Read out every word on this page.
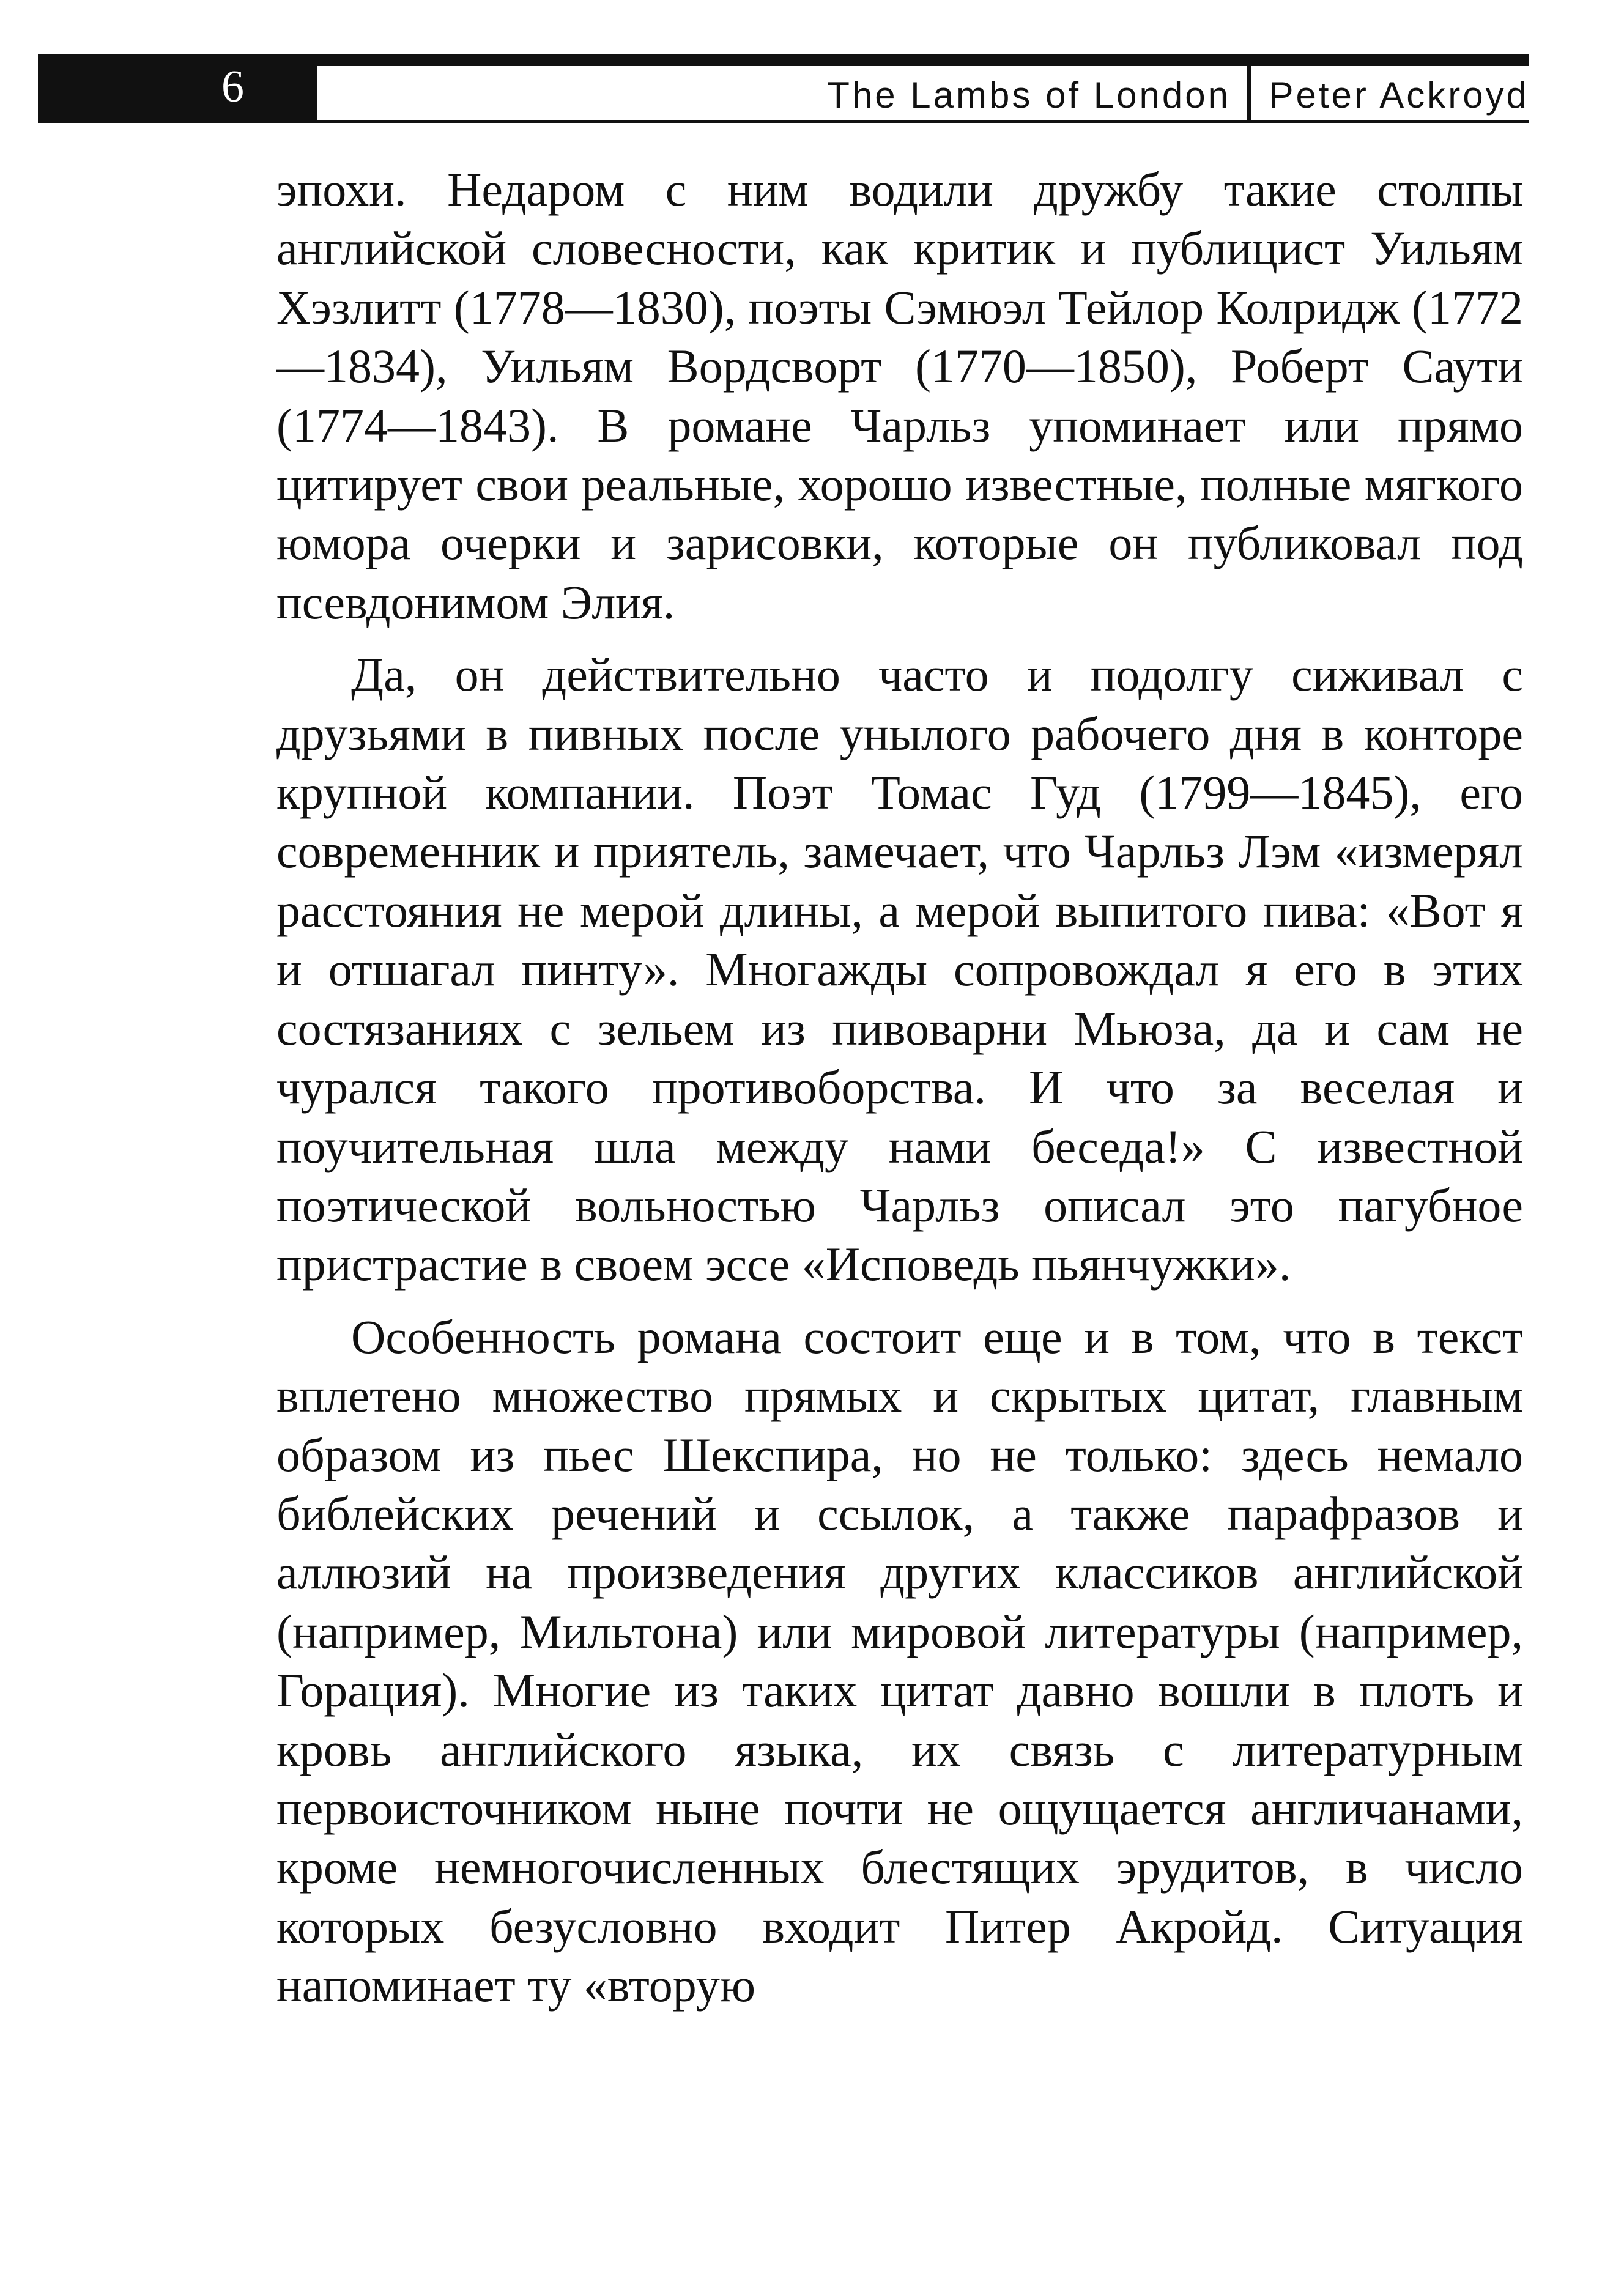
6	The Lambs of London Peter Ackroyd

эпохи. Недаром с ним водили дружбу такие столпы английской словесности, как критик и публицист Уильям Хэзлитт (1778—1830), поэты Сэмюэл Тейлор Колридж (1772—1834), Уильям Вордсворт (1770—1850), Роберт Саути (1774—1843). В романе Чарльз упоминает или прямо цитирует свои реальные, хорошо известные, полные мягкого юмора очерки и зарисовки, которые он публиковал под псевдонимом Элия.

Да, он действительно часто и подолгу сиживал с друзьями в пивных после унылого рабочего дня в конторе крупной компании. Поэт Томас Гуд (1799—1845), его современник и приятель, замечает, что Чарльз Лэм «измерял расстояния не мерой длины, а мерой выпитого пива: «Вот я и отшагал пинту». Многажды сопровождал я его в этих состязаниях с зельем из пивоварни Мьюза, да и сам не чурался такого противоборства. И что за веселая и поучительная шла между нами беседа!» С известной поэтической вольностью Чарльз описал это пагубное пристрастие в своем эссе «Исповедь пьянчужки».

Особенность романа состоит еще и в том, что в текст вплетено множество прямых и скрытых цитат, главным образом из пьес Шекспира, но не только: здесь немало библейских речений и ссылок, а также парафразов и аллюзий на произведения других классиков английской (например, Мильтона) или мировой литературы (например, Горация). Многие из таких цитат давно вошли в плоть и кровь английского языка, их связь с литературным первоисточником ныне почти не ощущается англичанами, кроме немногочисленных блестящих эрудитов, в число которых безусловно входит Питер Акройд. Ситуация напоминает ту «вторую
